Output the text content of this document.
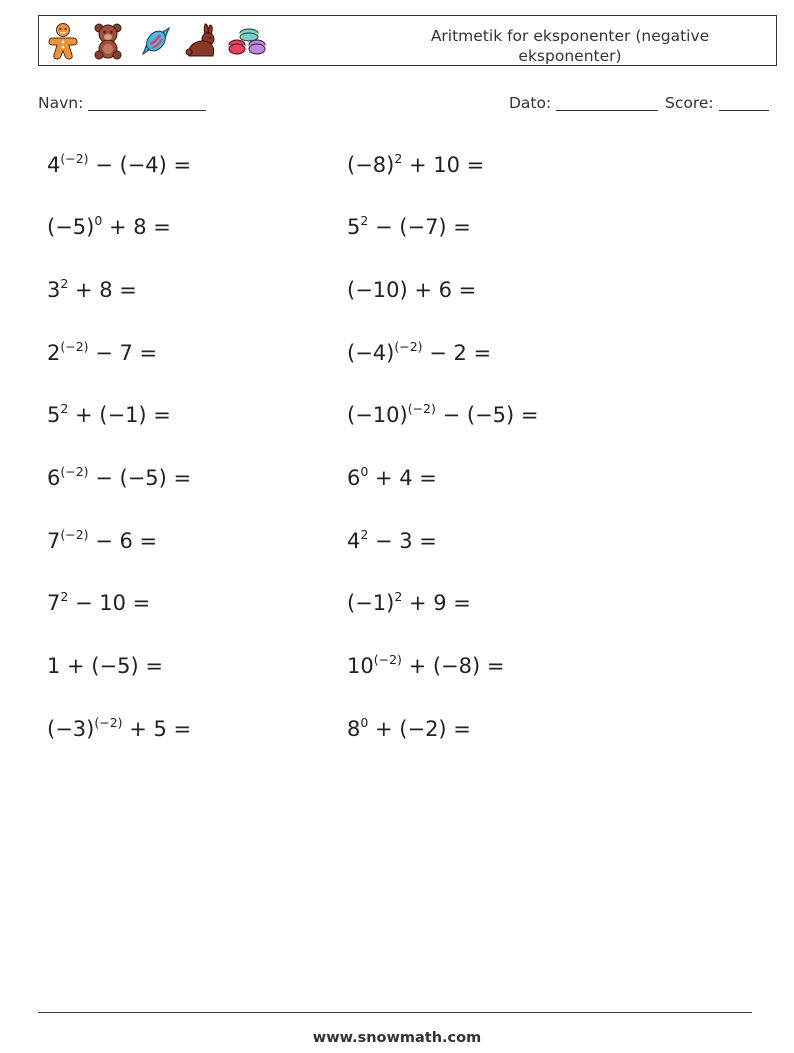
Aritmetik for eksponenter (negative eksponenter)
Navn:	Dato:	Score:
$4^{(-2)} - (-4)$ =	$(-8)^2 + 10$ =
$(-5)^0 + 8$ =	$5^2 - (-7)$ =
$3^2 + 8$ =	(−10) + 6 =
$2^{(-2)} - 7$ =	$(-4)^{(-2)} - 2$ =
$5^2 + (-1)$ =	$(-10)^{(-2)} - (-5)$ =
$6^{(-2)} - (-5)$ =	$6^0 + 4$ =
$7^{(-2)} - 6$ =	$4^2 - 3$ =
$7^2 - 10$ =	$(-1)^2 + 9$ =
1 + (−5) =	$10^{(-2)} + (-8)$ =
$(-3)^{(-2)} + 5$ =	$8^0 + (-2)$ =
www.snowmath.com
